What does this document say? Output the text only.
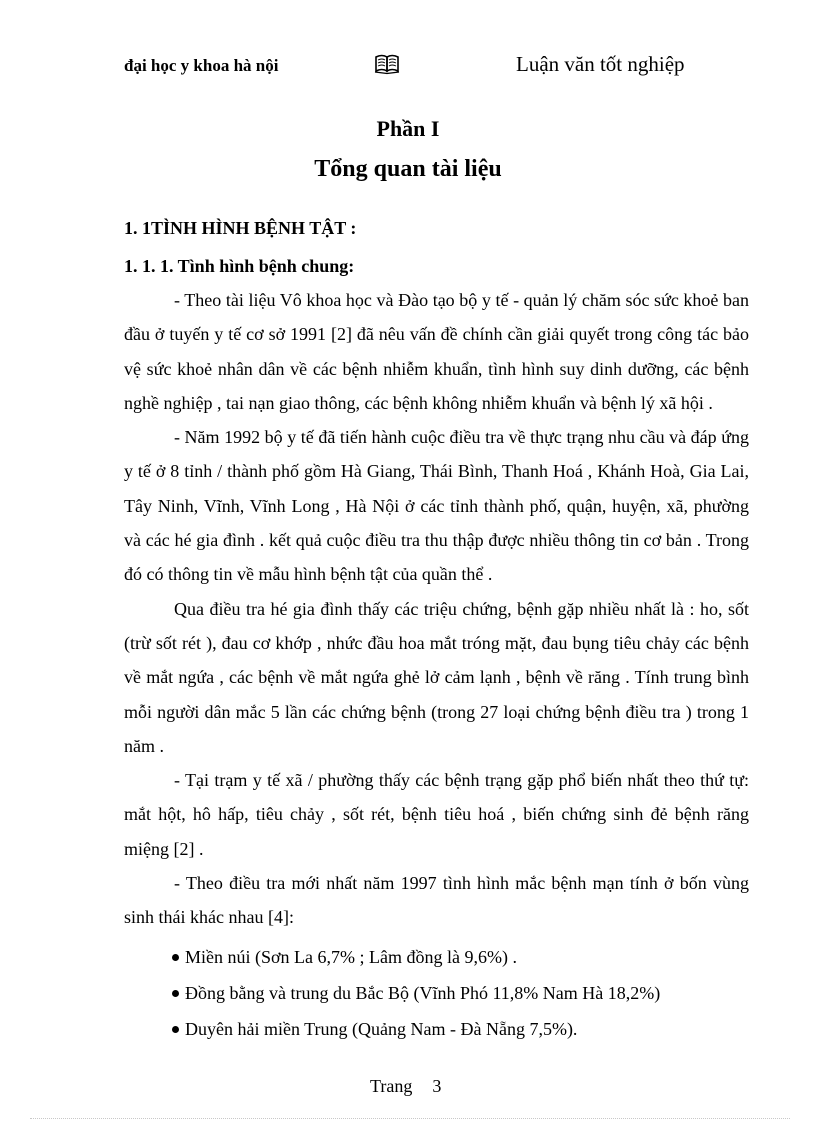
đại học y khoa hà nội	Luận văn tốt nghiệp
Phần I
Tổng quan tài liệu
1. 1TÌNH HÌNH BỆNH TẬT :
1. 1. 1. Tình hình bệnh chung:

- Theo tài liệu Vô khoa học và Đào tạo bộ y tế - quản lý chăm sóc sức khoẻ ban đầu ở tuyến y tế cơ sở 1991 [2] đã nêu vấn đề chính cần giải quyết trong công tác bảo vệ sức khoẻ nhân dân về các bệnh nhiễm khuẩn, tình hình suy dinh dưỡng, các bệnh nghề nghiệp , tai nạn giao thông, các bệnh không nhiễm khuẩn và bệnh lý xã hội .

- Năm 1992 bộ y tế đã tiến hành cuộc điều tra về thực trạng nhu cầu và đáp ứng y tế ở 8 tỉnh / thành phố gồm Hà Giang, Thái Bình, Thanh Hoá , Khánh Hoà, Gia Lai, Tây Ninh, Vĩnh, Vĩnh Long , Hà Nội ở các tỉnh thành phố, quận, huyện, xã, phường và các hé gia đình . kết quả cuộc điều tra thu thập được nhiều thông tin cơ bản . Trong đó có thông tin về mẫu hình bệnh tật của quần thể .

Qua điều tra hé gia đình thấy các triệu chứng, bệnh gặp nhiều nhất là : ho, sốt (trừ sốt rét ), đau cơ khớp , nhức đầu hoa mắt tróng mặt, đau bụng tiêu chảy các bệnh về mắt ngứa , các bệnh về mắt ngứa ghẻ lở cảm lạnh , bệnh về răng . Tính trung bình mỗi người dân mắc 5 lần các chứng bệnh (trong 27 loại chứng bệnh điều tra ) trong 1 năm .

- Tại trạm y tế xã / phường thấy các bệnh trạng gặp phổ biến nhất theo thứ tự: mắt hột, hô hấp, tiêu chảy , sốt rét, bệnh tiêu hoá , biến chứng sinh đẻ bệnh răng miệng [2] .

- Theo điều tra mới nhất năm 1997 tình hình mắc bệnh mạn tính ở bốn vùng sinh thái khác nhau [4]:

Miền núi (Sơn La 6,7% ; Lâm đồng là 9,6%) .
Đồng bằng và trung du Bắc Bộ (Vĩnh Phó 11,8% Nam Hà 18,2%)
Duyên hải miền Trung (Quảng Nam - Đà Nẵng 7,5%).
Trang 3
